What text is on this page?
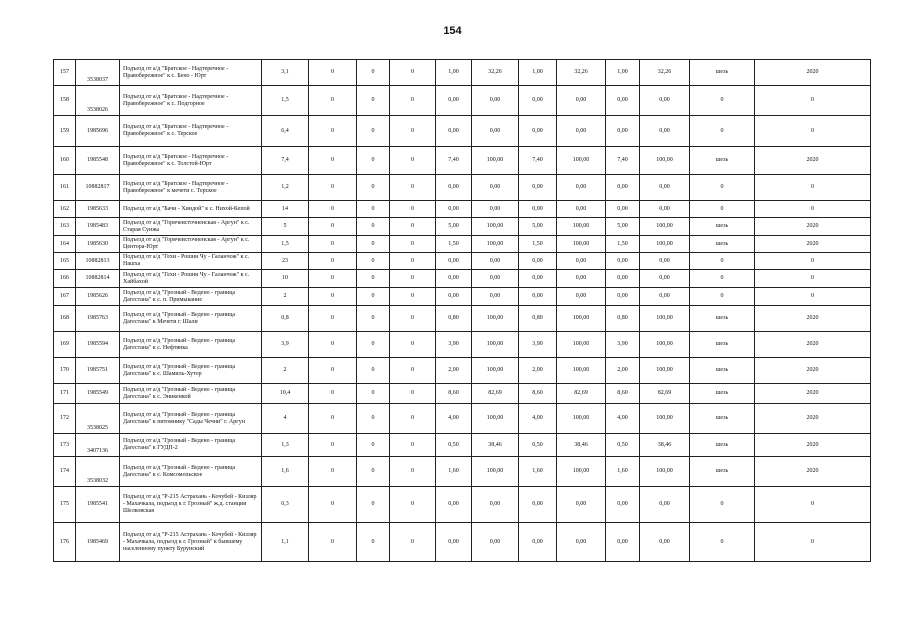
154
157	3538037	Подъезд от а/д "Братское - Надтеречное - Правобережное" к с. Бено - Юрт	3,1	0	0	0	1,00	32,26	1,00	32,26	1,00	32,26	шезь	2020
158	3538026	Подъезд от а/д "Братское - Надтеречное - Правобережное" к с. Подгорное	1,5	0	0	0	0,00	0,00	0,00	0,00	0,00	0,00	0	0
159	1985696	Подъезд от а/д "Братское - Надтеречное - Правобережное" к с. Терское	6,4	0	0	0	0,00	0,00	0,00	0,00	0,00	0,00	0	0
160	1985548	Подъезд от а/д "Братское - Надтеречное - Правобережное" к с. Толстой-Юрт	7,4	0	0	0	7,40	100,00	7,40	100,00	7,40	100,00	шезь	2020
161	10882817	Подъезд от а/д "Братское - Надтеречное - Правобережное" к мечети с. Терское	1,2	0	0	0	0,00	0,00	0,00	0,00	0,00	0,00	0	0
162	1985633	Подъезд от а/д "Бачи - Хиндой" к с. Нихой-Кепой	14	0	0	0	0,00	0,00	0,00	0,00	0,00	0,00	0	0
163	1985483	Подъезд от а/д "Горячеисточненская - Аргун" к с. Старая Сунжа	5	0	0	0	5,00	100,00	5,00	100,00	5,00	100,00	шезь	2020
164	1985630	Подъезд от а/д "Горячеисточненская - Аргун" к с. Центора-Юрт	1,5	0	0	0	1,50	100,00	1,50	100,00	1,50	100,00	шезь	2020
165	10882813	Подъезд от а/д "Гехи - Рошни Чу - Галанчож" к с. Нашха	23	0	0	0	0,00	0,00	0,00	0,00	0,00	0,00	0	0
166	10882814	Подъезд от а/д "Гехи - Рошни Чу - Галанчож" к с. Хайбахой	10	0	0	0	0,00	0,00	0,00	0,00	0,00	0,00	0	0
167	1985626	Подъезд от а/д "Грозный - Ведено - граница Дагестана" к с. п. Примыкание	2	0	0	0	0,00	0,00	0,00	0,00	0,00	0,00	0	0
168	1985763	Подъезд от а/д "Грозный - Ведено - граница Дагестана" к Мечети г. Шали	0,8	0	0	0	0,80	100,00	0,80	100,00	0,80	100,00	шезь	2020
169	1985594	Подъезд от а/д "Грозный - Ведено - граница Дагестана" к с. Нефтянка	3,9	0	0	0	3,90	100,00	3,90	100,00	3,90	100,00	шезь	2020
170	1985751	Подъезд от а/д "Грозный - Ведено - граница Дагестана" к с. Шамиль-Хутор	2	0	0	0	2,00	100,00	2,00	100,00	2,00	100,00	шезь	2020
171	1985549	Подъезд от а/д "Грозный - Ведено - граница Дагестана" к с. Эникенкой	10,4	0	0	0	8,60	82,69	8,60	82,69	8,60	82,69	шезь	2020
172	3538025	Подъезд от а/д "Грозный - Ведено - граница Дагестана" к питомнику "Сады Чечни" г. Аргун	4	0	0	0	4,00	100,00	4,00	100,00	4,00	100,00	шезь	2020
173	3407136	Подъезд от а/д "Грозный - Ведено - граница Дагестана" к ГУДП-2	1,3	0	0	0	0,50	38,46	0,50	38,46	0,50	38,46	шезь	2020
174	3538032	Подъезд от а/д "Грозный - Ведено - граница Дагестана" к с. Комсомольское	1,6	0	0	0	1,60	100,00	1,60	100,00	1,60	100,00	шезь	2020
175	1985541	Подъезд от а/д "Р-215 Астрахань - Кочубей - Кизляр - Махачкала, подъезд к г. Грозный" ж.д. станции Шелковская	0,3	0	0	0	0,00	0,00	0,00	0,00	0,00	0,00	0	0
176	1985469	Подъезд от а/д "Р-215 Астрахань - Кочубей - Кизляр - Махачкала, подъезд к г. Грозный" к бывшему населенному пункту Бурунский	1,1	0	0	0	0,00	0,00	0,00	0,00	0,00	0,00	0	0
